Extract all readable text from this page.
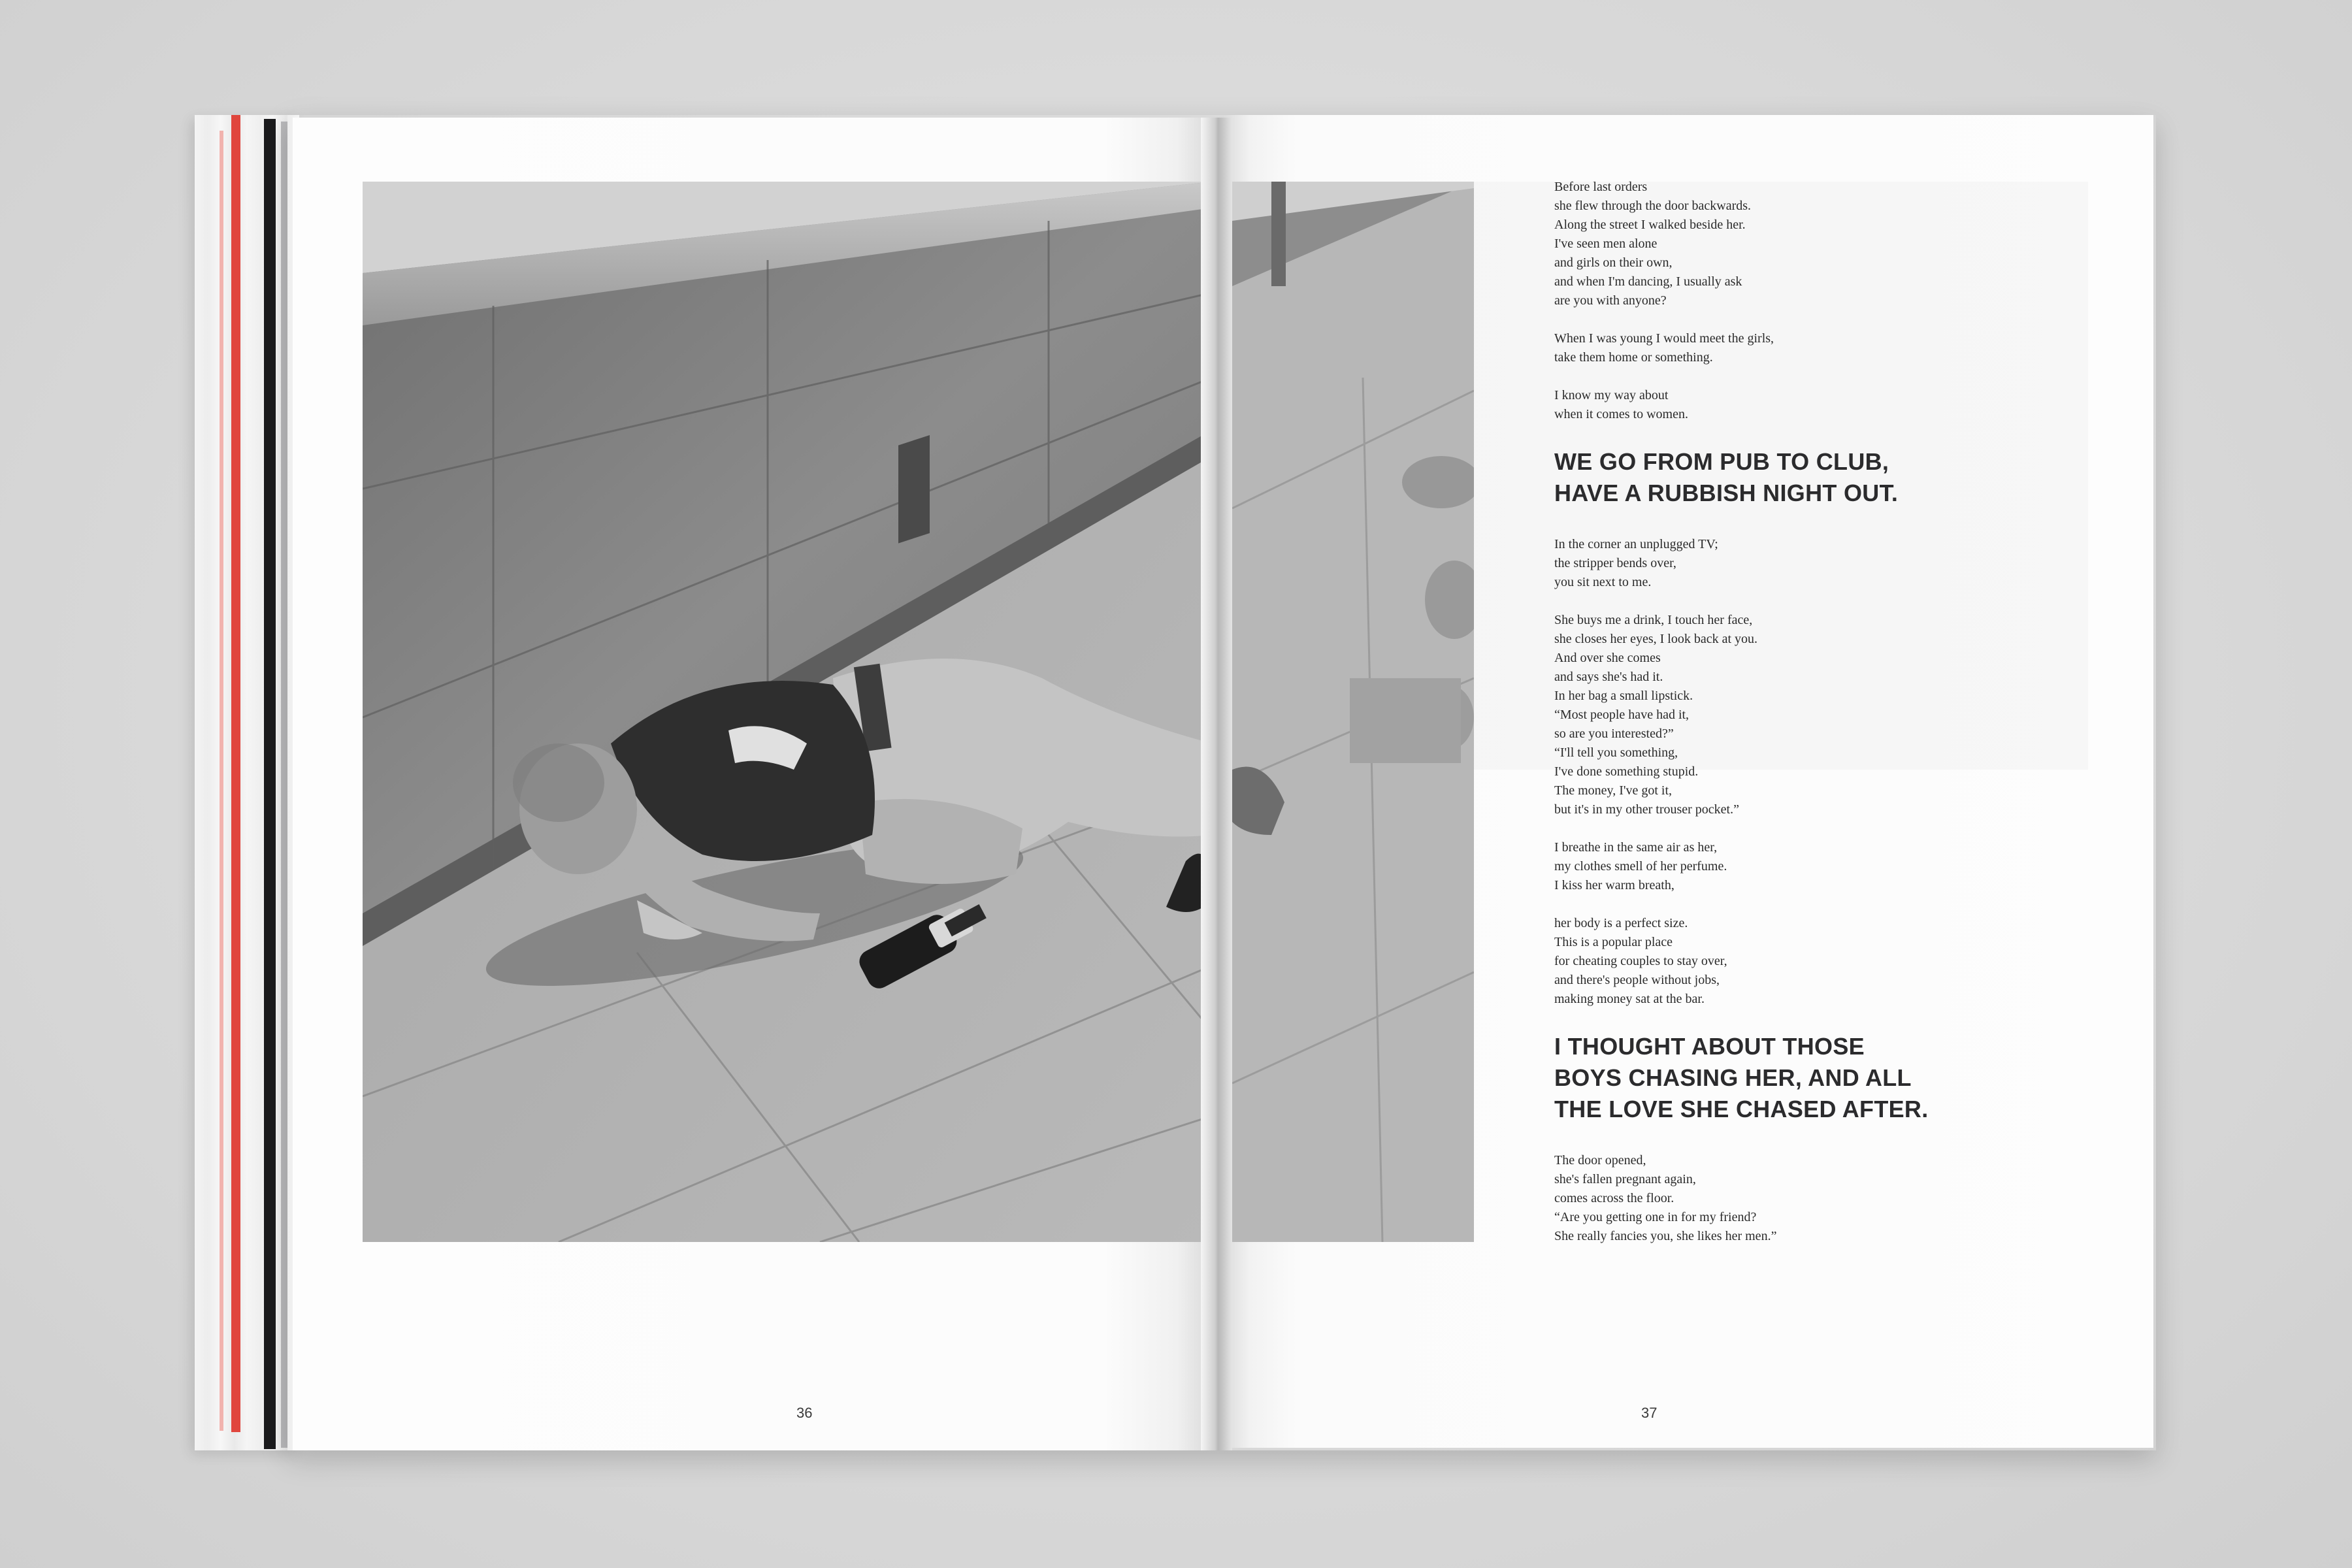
Before last orders
she flew through the door backwards.
Along the street I walked beside her.
I've seen men alone
and girls on their own,
and when I'm dancing, I usually ask
are you with anyone?
When I was young I would meet the girls,
take them home or something.
I know my way about
when it comes to women.
WE GO FROM PUB TO CLUB,
HAVE A RUBBISH NIGHT OUT.
In the corner an unplugged TV;
the stripper bends over,
you sit next to me.
She buys me a drink, I touch her face,
she closes her eyes, I look back at you.
And over she comes
and says she's had it.
In her bag a small lipstick.
“Most people have had it,
so are you interested?”
“I'll tell you something,
I've done something stupid.
The money, I've got it,
but it's in my other trouser pocket.”
I breathe in the same air as her,
my clothes smell of her perfume.
I kiss her warm breath,
her body is a perfect size.
This is a popular place
for cheating couples to stay over,
and there's people without jobs,
making money sat at the bar.
I THOUGHT ABOUT THOSE
BOYS CHASING HER, AND ALL
THE LOVE SHE CHASED AFTER.
The door opened,
she's fallen pregnant again,
comes across the floor.
“Are you getting one in for my friend?
She really fancies you, she likes her men.”
36	37
